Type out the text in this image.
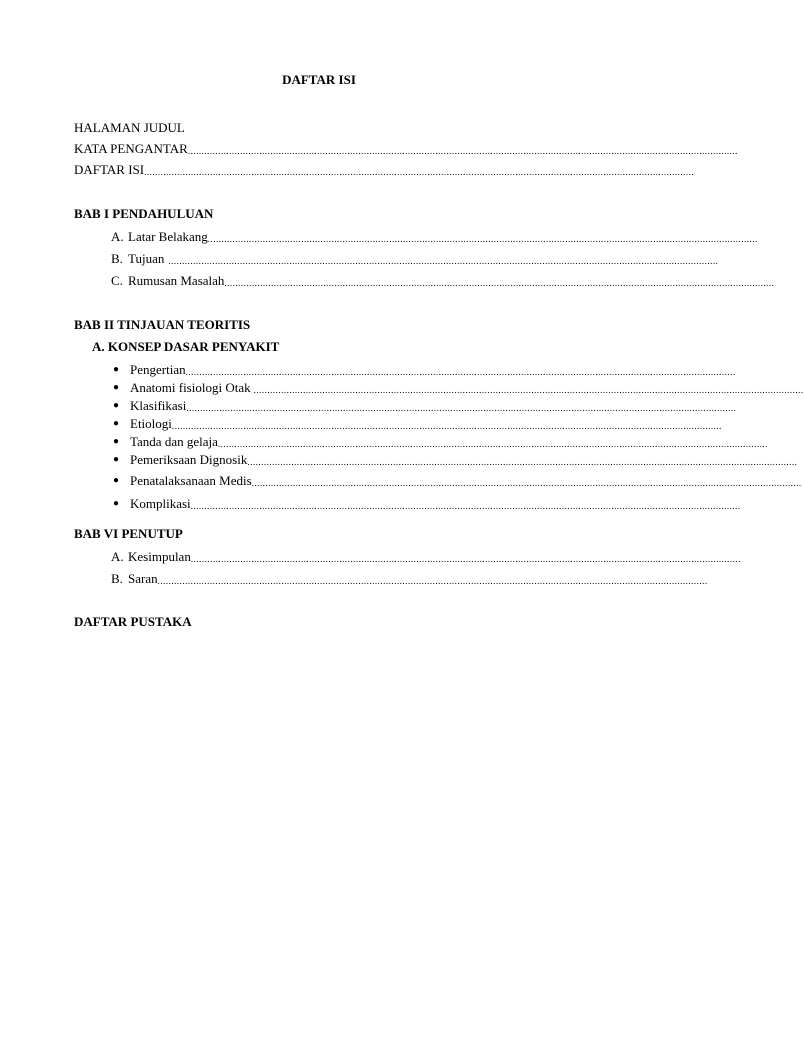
DAFTAR ISI
HALAMAN JUDUL
KATA PENGANTAR ........................................................................................................................................................................................................
DAFTAR ISI ........................................................................................................................................................................................................
BAB I PENDAHULUAN
A. Latar Belakang ........................................................................................................................................................................................................
B. Tujuan ........................................................................................................................................................................................................
C. Rumusan Masalah ........................................................................................................................................................................................................
BAB II TINJAUAN TEORITIS
A. KONSEP DASAR PENYAKIT
● Pengertian ........................................................................................................................................................................................................
● Anatomi fisiologi Otak ........................................................................................................................................................................................................
● Klasifikasi ........................................................................................................................................................................................................
● Etiologi ........................................................................................................................................................................................................
● Tanda dan gelaja ........................................................................................................................................................................................................
● Pemeriksaan Dignosik ........................................................................................................................................................................................................
● Penatalaksanaan Medis ........................................................................................................................................................................................................
● Komplikasi ........................................................................................................................................................................................................
BAB VI PENUTUP
A. Kesimpulan ........................................................................................................................................................................................................
B. Saran ........................................................................................................................................................................................................
DAFTAR PUSTAKA
